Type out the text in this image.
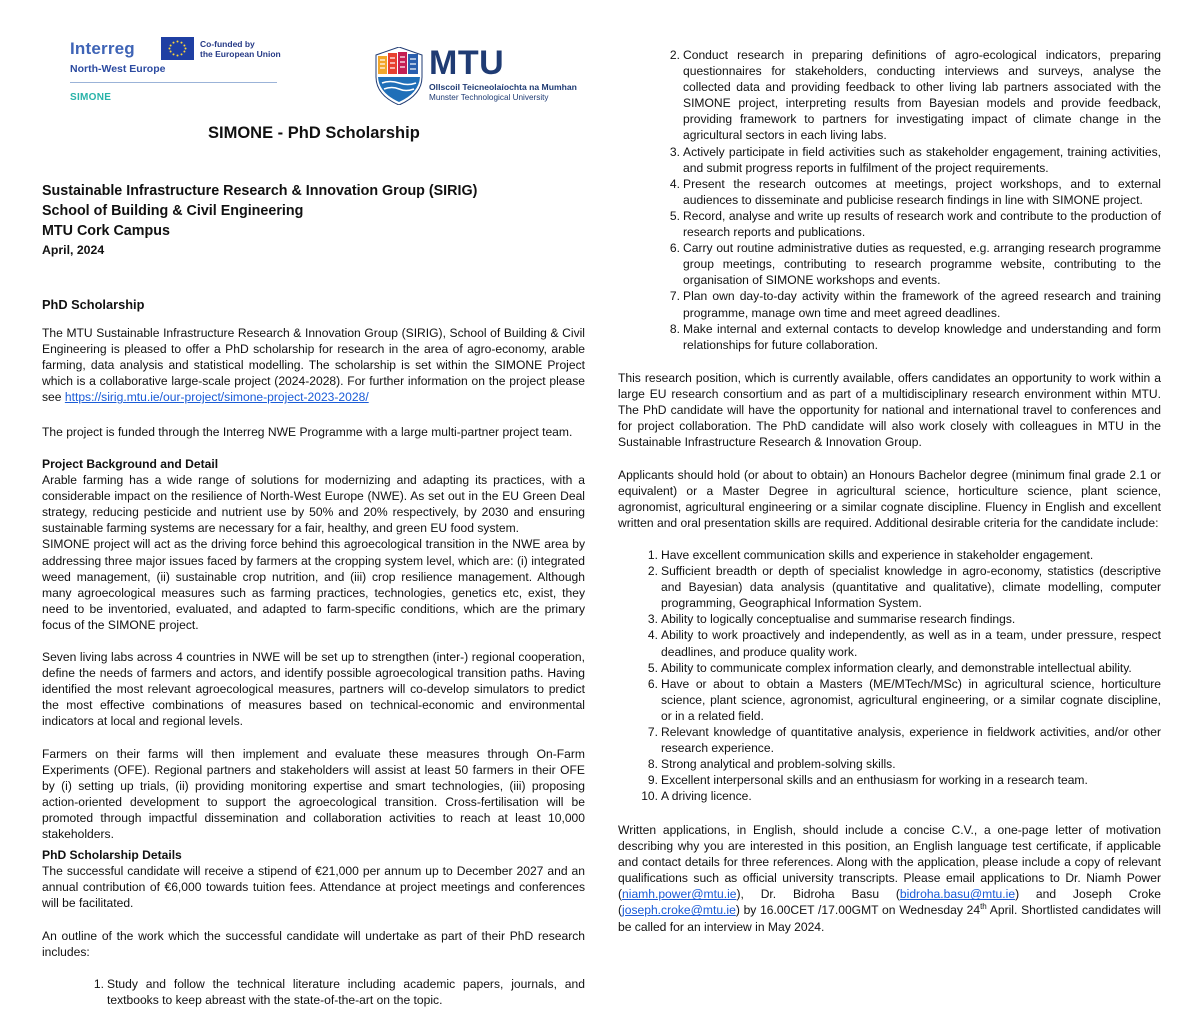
Interreg	Co-funded by
the European Union
North-West Europe
SIMONE
MTU
Ollscoil Teicneolaíochta na Mumhan
Munster Technological University
SIMONE - PhD Scholarship

Sustainable Infrastructure Research & Innovation Group (SIRIG)

School of Building & Civil Engineering

MTU Cork Campus

April, 2024

PhD Scholarship

The MTU Sustainable Infrastructure Research & Innovation Group (SIRIG), School of Building & Civil Engineering is pleased to offer a PhD scholarship for research in the area of agro-economy, arable farming, data analysis and statistical modelling. The scholarship is set within the SIMONE Project which is a collaborative large-scale project (2024-2028). For further information on the project please see https://sirig.mtu.ie/our-project/simone-project-2023-2028/

The project is funded through the Interreg NWE Programme with a large multi-partner project team.

Project Background and Detail

Arable farming has a wide range of solutions for modernizing and adapting its practices, with a considerable impact on the resilience of North-West Europe (NWE). As set out in the EU Green Deal strategy, reducing pesticide and nutrient use by 50% and 20% respectively, by 2030 and ensuring sustainable farming systems are necessary for a fair, healthy, and green EU food system.

SIMONE project will act as the driving force behind this agroecological transition in the NWE area by addressing three major issues faced by farmers at the cropping system level, which are: (i) integrated weed management, (ii) sustainable crop nutrition, and (iii) crop resilience management. Although many agroecological measures such as farming practices, technologies, genetics etc, exist, they need to be inventoried, evaluated, and adapted to farm-specific conditions, which are the primary focus of the SIMONE project.

Seven living labs across 4 countries in NWE will be set up to strengthen (inter-) regional cooperation, define the needs of farmers and actors, and identify possible agroecological transition paths. Having identified the most relevant agroecological measures, partners will co-develop simulators to predict the most effective combinations of measures based on technical-economic and environmental indicators at local and regional levels.

Farmers on their farms will then implement and evaluate these measures through On-Farm Experiments (OFE). Regional partners and stakeholders will assist at least 50 farmers in their OFE by (i) setting up trials, (ii) providing monitoring expertise and smart technologies, (iii) proposing action-oriented development to support the agroecological transition. Cross-fertilisation will be promoted through impactful dissemination and collaboration activities to reach at least 10,000 stakeholders.

PhD Scholarship Details

The successful candidate will receive a stipend of €21,000 per annum up to December 2027 and an annual contribution of €6,000 towards tuition fees. Attendance at project meetings and conferences will be facilitated.

An outline of the work which the successful candidate will undertake as part of their PhD research includes:

1. Study and follow the technical literature including academic papers, journals, and textbooks to keep abreast with the state-of-the-art on the topic.
2. Conduct research in preparing definitions of agro-ecological indicators, preparing questionnaires for stakeholders, conducting interviews and surveys, analyse the collected data and providing feedback to other living lab partners associated with the SIMONE project, interpreting results from Bayesian models and provide feedback, providing framework to partners for investigating impact of climate change in the agricultural sectors in each living labs.
3. Actively participate in field activities such as stakeholder engagement, training activities, and submit progress reports in fulfilment of the project requirements.
4. Present the research outcomes at meetings, project workshops, and to external audiences to disseminate and publicise research findings in line with SIMONE project.
5. Record, analyse and write up results of research work and contribute to the production of research reports and publications.
6. Carry out routine administrative duties as requested, e.g. arranging research programme group meetings, contributing to research programme website, contributing to the organisation of SIMONE workshops and events.
7. Plan own day-to-day activity within the framework of the agreed research and training programme, manage own time and meet agreed deadlines.
8. Make internal and external contacts to develop knowledge and understanding and form relationships for future collaboration.

This research position, which is currently available, offers candidates an opportunity to work within a large EU research consortium and as part of a multidisciplinary research environment within MTU. The PhD candidate will have the opportunity for national and international travel to conferences and for project collaboration. The PhD candidate will also work closely with colleagues in MTU in the Sustainable Infrastructure Research & Innovation Group.

Applicants should hold (or about to obtain) an Honours Bachelor degree (minimum final grade 2.1 or equivalent) or a Master Degree in agricultural science, horticulture science, plant science, agronomist, agricultural engineering or a similar cognate discipline. Fluency in English and excellent written and oral presentation skills are required. Additional desirable criteria for the candidate include:

1. Have excellent communication skills and experience in stakeholder engagement.
2. Sufficient breadth or depth of specialist knowledge in agro-economy, statistics (descriptive and Bayesian) data analysis (quantitative and qualitative), climate modelling, computer programming, Geographical Information System.
3. Ability to logically conceptualise and summarise research findings.
4. Ability to work proactively and independently, as well as in a team, under pressure, respect deadlines, and produce quality work.
5. Ability to communicate complex information clearly, and demonstrable intellectual ability.
6. Have or about to obtain a Masters (ME/MTech/MSc) in agricultural science, horticulture science, plant science, agronomist, agricultural engineering, or a similar cognate discipline, or in a related field.
7. Relevant knowledge of quantitative analysis, experience in fieldwork activities, and/or other research experience.
8. Strong analytical and problem-solving skills.
9. Excellent interpersonal skills and an enthusiasm for working in a research team.
10. A driving licence.

Written applications, in English, should include a concise C.V., a one-page letter of motivation describing why you are interested in this position, an English language test certificate, if applicable and contact details for three references. Along with the application, please include a copy of relevant qualifications such as official university transcripts. Please email applications to Dr. Niamh Power (niamh.power@mtu.ie), Dr. Bidroha Basu (bidroha.basu@mtu.ie) and Joseph Croke (joseph.croke@mtu.ie) by 16.00CET /17.00GMT on Wednesday 24th April. Shortlisted candidates will be called for an interview in May 2024.
